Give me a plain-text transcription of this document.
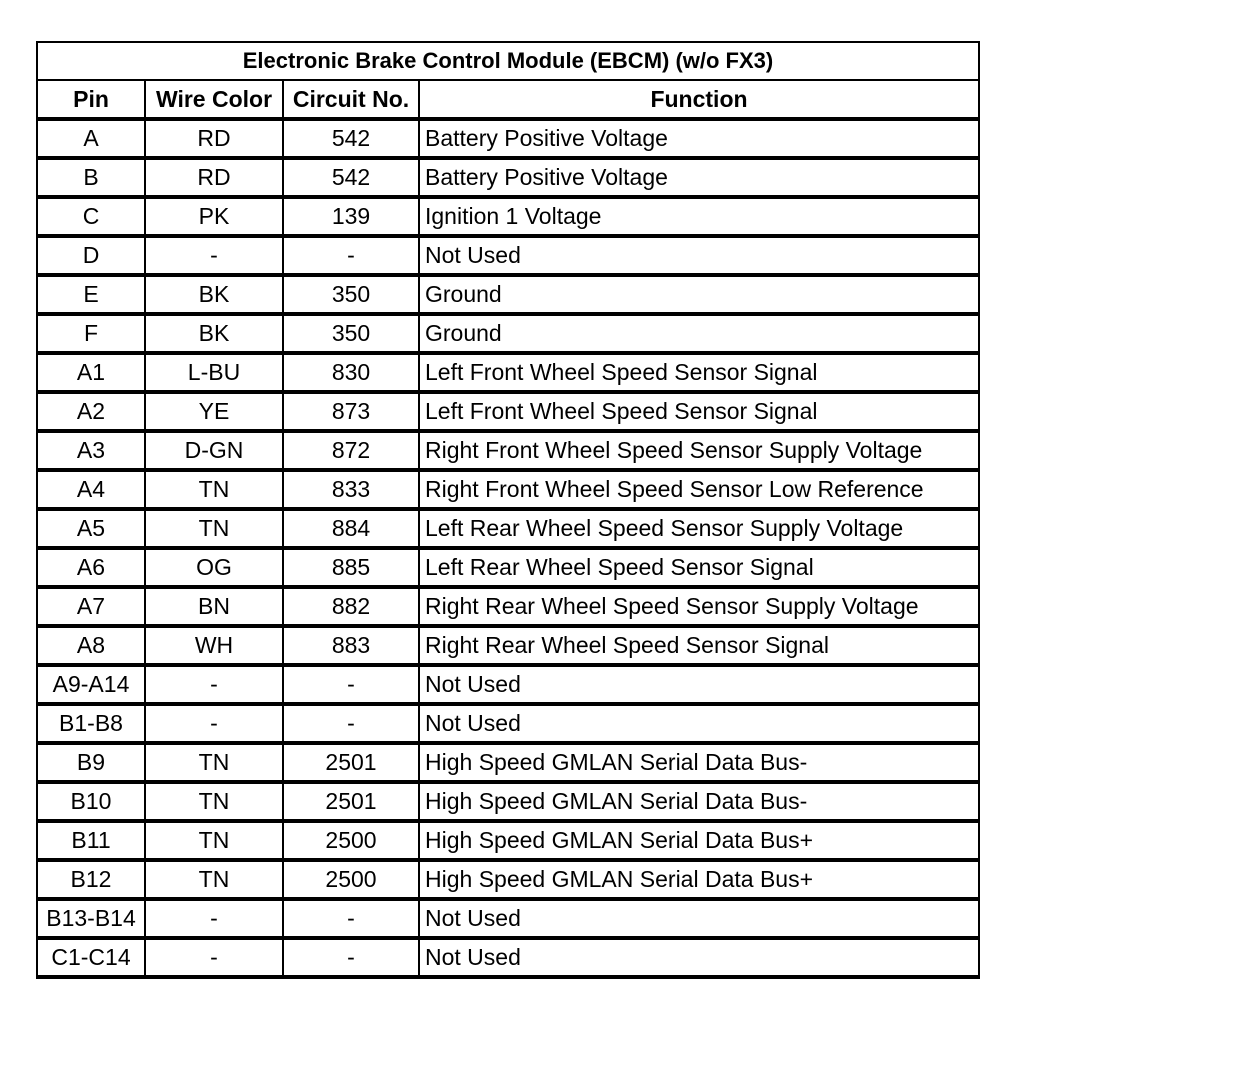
Electronic Brake Control Module (EBCM) (w/o FX3)			
Pin	Wire Color	Circuit No.	Function
A	RD	542	Battery Positive Voltage
B	RD	542	Battery Positive Voltage
C	PK	139	Ignition 1 Voltage
D	-	-	Not Used
E	BK	350	Ground
F	BK	350	Ground
A1	L-BU	830	Left Front Wheel Speed Sensor Signal
A2	YE	873	Left Front Wheel Speed Sensor Signal
A3	D-GN	872	Right Front Wheel Speed Sensor Supply Voltage
A4	TN	833	Right Front Wheel Speed Sensor Low Reference
A5	TN	884	Left Rear Wheel Speed Sensor Supply Voltage
A6	OG	885	Left Rear Wheel Speed Sensor Signal
A7	BN	882	Right Rear Wheel Speed Sensor Supply Voltage
A8	WH	883	Right Rear Wheel Speed Sensor Signal
A9-A14	-	-	Not Used
B1-B8	-	-	Not Used
B9	TN	2501	High Speed GMLAN Serial Data Bus-
B10	TN	2501	High Speed GMLAN Serial Data Bus-
B11	TN	2500	High Speed GMLAN Serial Data Bus+
B12	TN	2500	High Speed GMLAN Serial Data Bus+
B13-B14	-	-	Not Used
C1-C14	-	-	Not Used
